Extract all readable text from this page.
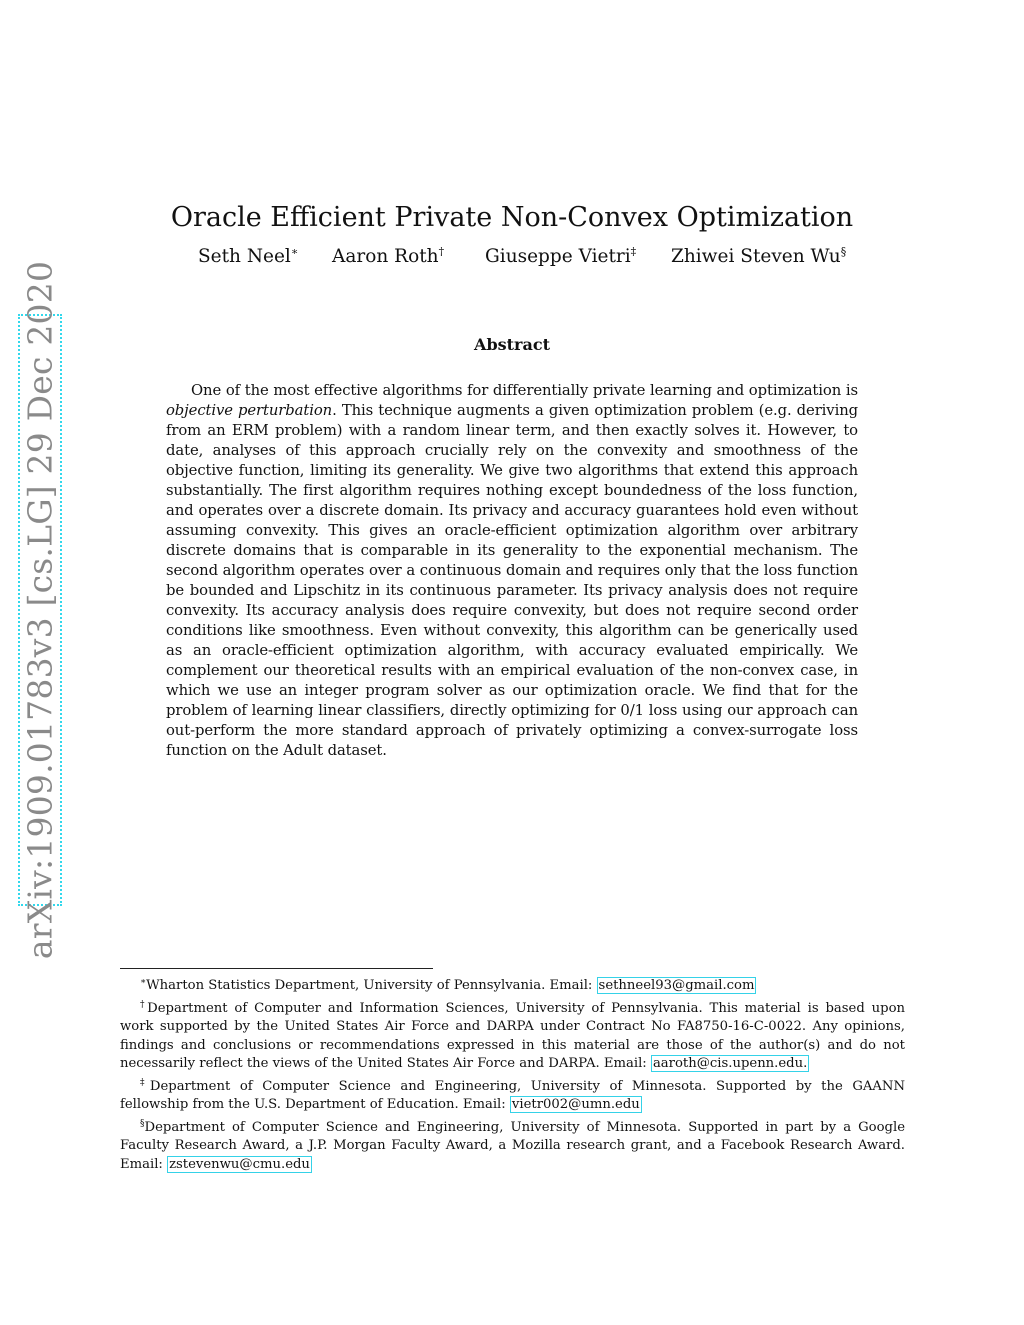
arXiv:1909.01783v3 [cs.LG] 29 Dec 2020
Oracle Efficient Private Non-Convex Optimization
Seth Neel∗ Aaron Roth† Giuseppe Vietri‡ Zhiwei Steven Wu§
Abstract

One of the most effective algorithms for differentially private learning and optimization is objective perturbation. This technique augments a given optimization problem (e.g. deriving from an ERM problem) with a random linear term, and then exactly solves it. However, to date, analyses of this approach crucially rely on the convexity and smoothness of the objective function, limiting its generality. We give two algorithms that extend this approach substantially. The first algorithm requires nothing except boundedness of the loss function, and operates over a discrete domain. Its privacy and accuracy guarantees hold even without assuming convexity. This gives an oracle-efficient optimization algorithm over arbitrary discrete domains that is comparable in its generality to the exponential mechanism. The second algorithm operates over a continuous domain and requires only that the loss function be bounded and Lipschitz in its continuous parameter. Its privacy analysis does not require convexity. Its accuracy analysis does require convexity, but does not require second order conditions like smoothness. Even without convexity, this algorithm can be generically used as an oracle-efficient optimization algorithm, with accuracy evaluated empirically. We complement our theoretical results with an empirical evaluation of the non-convex case, in which we use an integer program solver as our optimization oracle. We find that for the problem of learning linear classifiers, directly optimizing for 0/1 loss using our approach can out-perform the more standard approach of privately optimizing a convex-surrogate loss function on the Adult dataset.

∗Wharton Statistics Department, University of Pennsylvania. Email: sethneel93@gmail.com

†Department of Computer and Information Sciences, University of Pennsylvania. This material is based upon work supported by the United States Air Force and DARPA under Contract No FA8750-16-C-0022. Any opinions, findings and conclusions or recommendations expressed in this material are those of the author(s) and do not necessarily reflect the views of the United States Air Force and DARPA. Email: aaroth@cis.upenn.edu.

‡Department of Computer Science and Engineering, University of Minnesota. Supported by the GAANN fellowship from the U.S. Department of Education. Email: vietr002@umn.edu

§Department of Computer Science and Engineering, University of Minnesota. Supported in part by a Google Faculty Research Award, a J.P. Morgan Faculty Award, a Mozilla research grant, and a Facebook Research Award. Email: zstevenwu@cmu.edu
